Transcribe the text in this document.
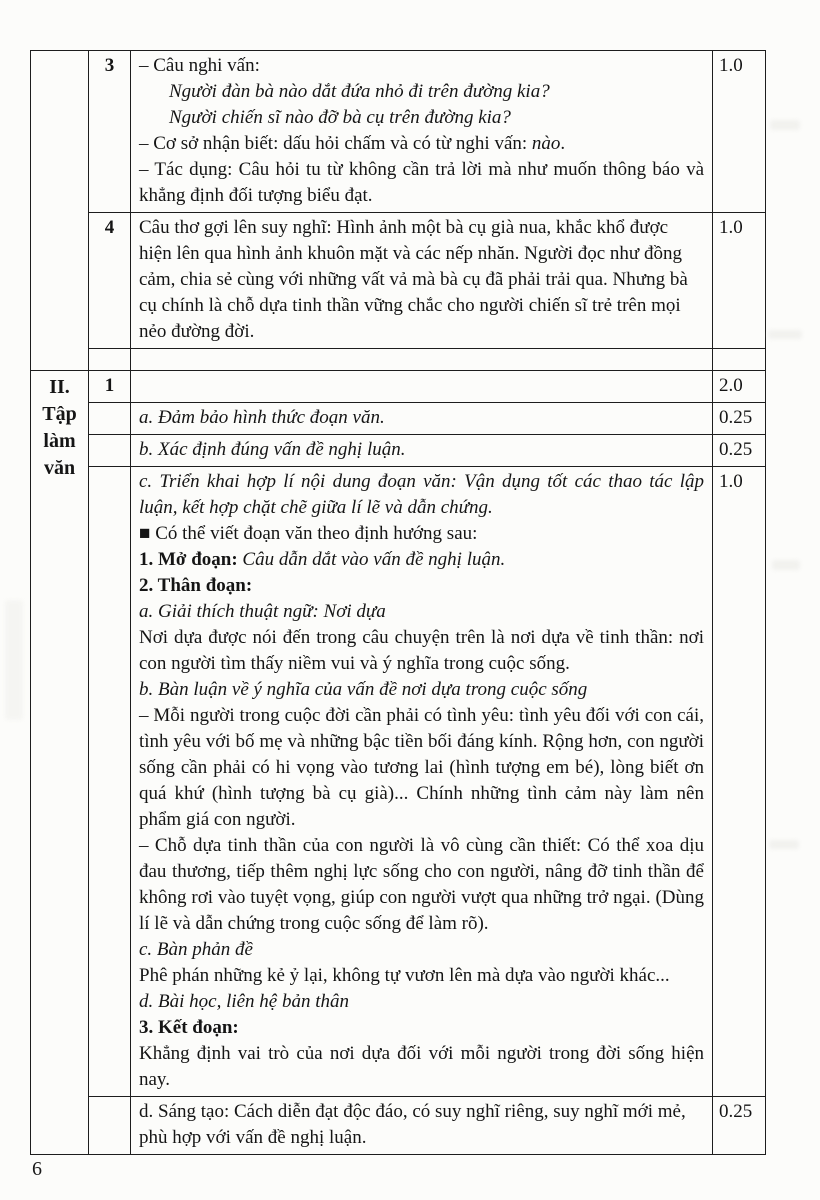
	3	– Câu nghi vấn:
Người đàn bà nào dắt đứa nhỏ đi trên đường kia?
Người chiến sĩ nào đỡ bà cụ trên đường kia?
– Cơ sở nhận biết: dấu hỏi chấm và có từ nghi vấn: nào.
– Tác dụng: Câu hỏi tu từ không cần trả lời mà như muốn thông báo và khẳng định đối tượng biểu đạt.	1.0
	4	Câu thơ gợi lên suy nghĩ: Hình ảnh một bà cụ già nua, khắc khổ được hiện lên qua hình ảnh khuôn mặt và các nếp nhăn. Người đọc như đồng cảm, chia sẻ cùng với những vất vả mà bà cụ đã phải trải qua. Nhưng bà cụ chính là chỗ dựa tinh thần vững chắc cho người chiến sĩ trẻ trên mọi nẻo đường đời.	1.0

II.
Tập làm văn	1		2.0
		a. Đảm bảo hình thức đoạn văn.	0.25
		b. Xác định đúng vấn đề nghị luận.	0.25

c. Triển khai hợp lí nội dung đoạn văn: Vận dụng tốt các thao tác lập luận, kết hợp chặt chẽ giữa lí lẽ và dẫn chứng.
■ Có thể viết đoạn văn theo định hướng sau:
1. Mở đoạn: Câu dẫn dắt vào vấn đề nghị luận.
2. Thân đoạn:
a. Giải thích thuật ngữ: Nơi dựa
Nơi dựa được nói đến trong câu chuyện trên là nơi dựa về tinh thần: nơi con người tìm thấy niềm vui và ý nghĩa trong cuộc sống.
b. Bàn luận về ý nghĩa của vấn đề nơi dựa trong cuộc sống
– Mỗi người trong cuộc đời cần phải có tình yêu: tình yêu đối với con cái, tình yêu với bố mẹ và những bậc tiền bối đáng kính. Rộng hơn, con người sống cần phải có hi vọng vào tương lai (hình tượng em bé), lòng biết ơn quá khứ (hình tượng bà cụ già)... Chính những tình cảm này làm nên phẩm giá con người.
– Chỗ dựa tinh thần của con người là vô cùng cần thiết: Có thể xoa dịu đau thương, tiếp thêm nghị lực sống cho con người, nâng đỡ tinh thần để không rơi vào tuyệt vọng, giúp con người vượt qua những trở ngại. (Dùng lí lẽ và dẫn chứng trong cuộc sống để làm rõ).
c. Bàn phản đề
Phê phán những kẻ ỷ lại, không tự vươn lên mà dựa vào người khác...
d. Bài học, liên hệ bản thân
3. Kết đoạn:
Khẳng định vai trò của nơi dựa đối với mỗi người trong đời sống hiện nay.
	1.0
		d. Sáng tạo: Cách diễn đạt độc đáo, có suy nghĩ riêng, suy nghĩ mới mẻ, phù hợp với vấn đề nghị luận.	0.25
6
